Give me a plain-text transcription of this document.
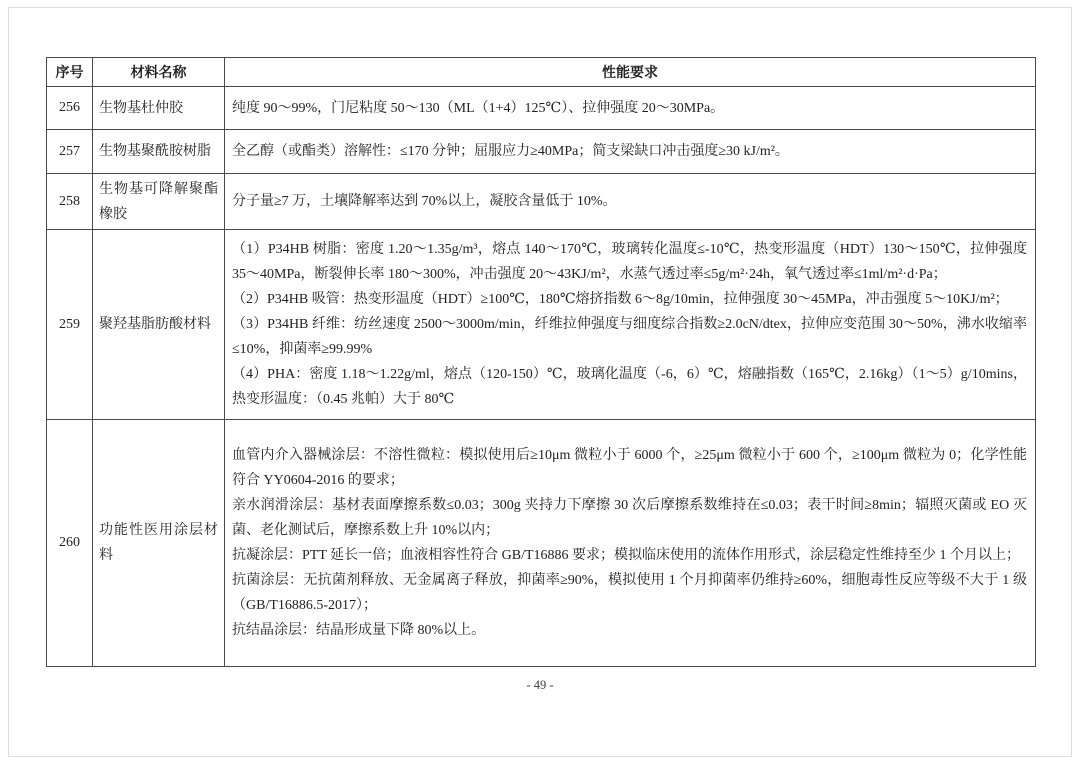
序号	材料名称	性能要求
256	生物基杜仲胶	纯度 90～99%，门尼粘度 50～130（ML（1+4）125℃）、拉伸强度 20～30MPa。

257	生物基聚酰胺树脂	全乙醇（或酯类）溶解性：≤170 分钟；屈服应力≥40MPa；简支梁缺口冲击强度≥30 kJ/m²。

258	生物基可降解聚酯橡胶	分子量≥7 万，土壤降解率达到 70%以上，凝胶含量低于 10%。

259	聚羟基脂肪酸材料	（1）P34HB 树脂：密度 1.20～1.35g/m³，熔点 140～170℃，玻璃转化温度≤-10℃，热变形温度（HDT）130～150℃，拉伸强度 35～40MPa，断裂伸长率 180～300%，冲击强度 20～43KJ/m²，水蒸气透过率≤5g/m²·24h，氧气透过率≤1ml/m²·d·Pa；

（2）P34HB 吸管：热变形温度（HDT）≥100℃，180℃熔挤指数 6～8g/10min，拉伸强度 30～45MPa，冲击强度 5～10KJ/m²；

（3）P34HB 纤维：纺丝速度 2500～3000m/min，纤维拉伸强度与细度综合指数≥2.0cN/dtex，拉伸应变范围 30～50%，沸水收缩率≤10%，抑菌率≥99.99%

（4）PHA：密度 1.18～1.22g/ml，熔点（120-150）℃，玻璃化温度（-6，6）℃，熔融指数（165℃，2.16kg）（1～5）g/10mins，热变形温度：（0.45 兆帕）大于 80℃

260	功能性医用涂层材料	血管内介入器械涂层：不溶性微粒：模拟使用后≥10μm 微粒小于 6000 个，≥25μm 微粒小于 600 个，≥100μm 微粒为 0；化学性能符合 YY0604-2016 的要求；

亲水润滑涂层：基材表面摩擦系数≤0.03；300g 夹持力下摩擦 30 次后摩擦系数维持在≤0.03；表干时间≥8min；辐照灭菌或 EO 灭菌、老化测试后，摩擦系数上升 10%以内；

抗凝涂层：PTT 延长一倍；血液相容性符合 GB/T16886 要求；模拟临床使用的流体作用形式，涂层稳定性维持至少 1 个月以上；

抗菌涂层：无抗菌剂释放、无金属离子释放，抑菌率≥90%，模拟使用 1 个月抑菌率仍维持≥60%，细胞毒性反应等级不大于 1 级（GB/T16886.5-2017）；

抗结晶涂层：结晶形成量下降 80%以上。

- 49 -
